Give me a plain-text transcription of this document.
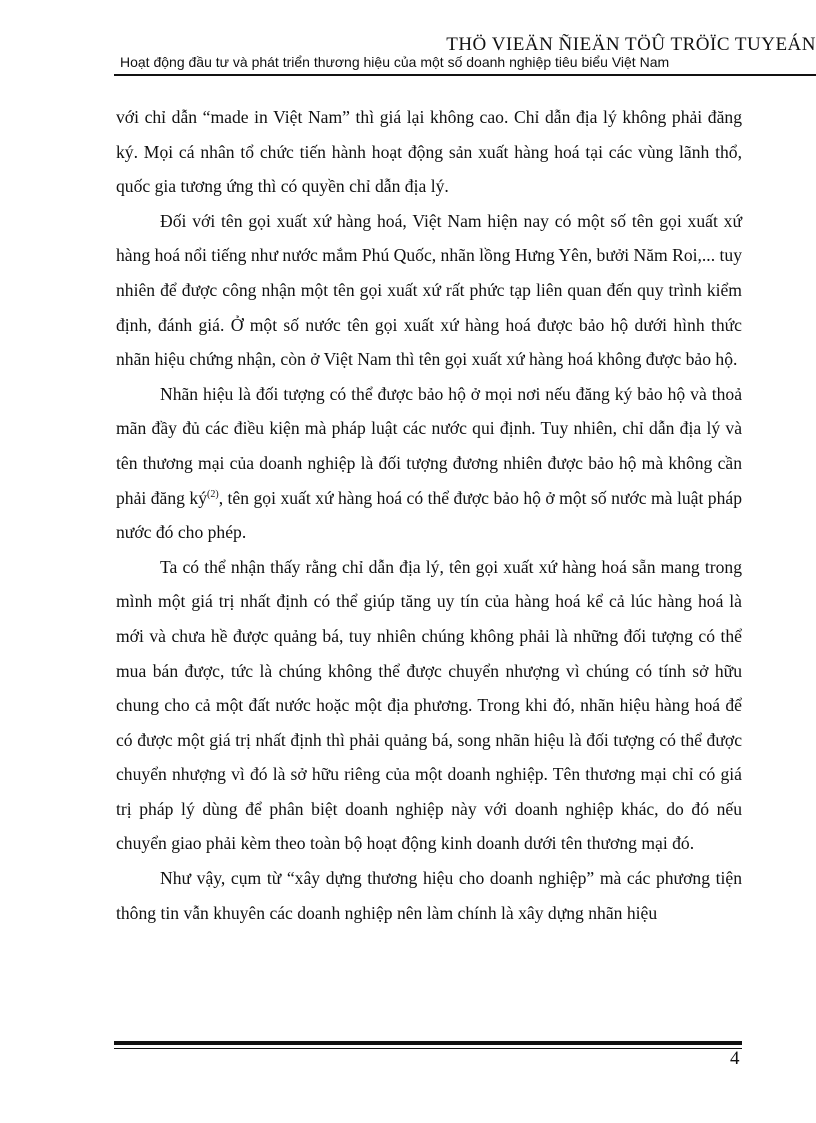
THÖ VIEÄN ÑIEÄN TÖÛ TRÖÏC TUYEÁN
Hoạt động đầu tư và phát triển thương hiệu của một số doanh nghiệp tiêu biểu Việt Nam

với chỉ dẫn “made in Việt Nam” thì giá lại không cao. Chỉ dẫn địa lý không phải đăng ký. Mọi cá nhân tổ chức tiến hành hoạt động sản xuất hàng hoá tại các vùng lãnh thổ, quốc gia tương ứng thì có quyền chỉ dẫn địa lý.

Đối với tên gọi xuất xứ hàng hoá, Việt Nam hiện nay có một số tên gọi xuất xứ hàng hoá nổi tiếng như nước mắm Phú Quốc, nhãn lồng Hưng Yên, bưởi Năm Roi,... tuy nhiên để được công nhận một tên gọi xuất xứ rất phức tạp liên quan đến quy trình kiểm định, đánh giá. Ở một số nước tên gọi xuất xứ hàng hoá được bảo hộ dưới hình thức nhãn hiệu chứng nhận, còn ở Việt Nam thì tên gọi xuất xứ hàng hoá không được bảo hộ.

Nhãn hiệu là đối tượng có thể được bảo hộ ở mọi nơi nếu đăng ký bảo hộ và thoả mãn đầy đủ các điều kiện mà pháp luật các nước qui định. Tuy nhiên, chỉ dẫn địa lý và tên thương mại của doanh nghiệp là đối tượng đương nhiên được bảo hộ mà không cần phải đăng $ký^{(2)}$, tên gọi xuất xứ hàng hoá có thể được bảo hộ ở một số nước mà luật pháp nước đó cho phép.

Ta có thể nhận thấy rằng chỉ dẫn địa lý, tên gọi xuất xứ hàng hoá sẵn mang trong mình một giá trị nhất định có thể giúp tăng uy tín của hàng hoá kể cả lúc hàng hoá là mới và chưa hề được quảng bá, tuy nhiên chúng không phải là những đối tượng có thể mua bán được, tức là chúng không thể được chuyển nhượng vì chúng có tính sở hữu chung cho cả một đất nước hoặc một địa phương. Trong khi đó, nhãn hiệu hàng hoá để có được một giá trị nhất định thì phải quảng bá, song nhãn hiệu là đối tượng có thể được chuyển nhượng vì đó là sở hữu riêng của một doanh nghiệp. Tên thương mại chỉ có giá trị pháp lý dùng để phân biệt doanh nghiệp này với doanh nghiệp khác, do đó nếu chuyển giao phải kèm theo toàn bộ hoạt động kinh doanh dưới tên thương mại đó.

Như vậy, cụm từ “xây dựng thương hiệu cho doanh nghiệp” mà các phương tiện thông tin vẫn khuyên các doanh nghiệp nên làm chính là xây dựng nhãn hiệu

4
